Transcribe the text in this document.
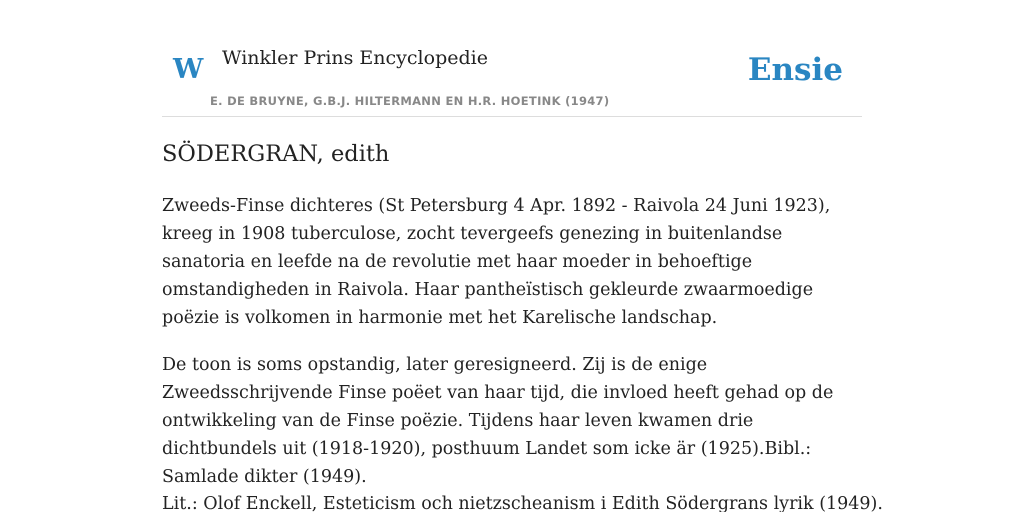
W Winkler Prins Encyclopedie
E. DE BRUYNE, G.B.J. HILTERMANN EN H.R. HOETINK (1947)
Ensie
SÖDERGRAN, edith

Zweeds-Finse dichteres (St Petersburg 4 Apr. 1892 - Raivola 24 Juni 1923), kreeg in 1908 tuberculose, zocht tevergeefs genezing in buitenlandse sanatoria en leefde na de revolutie met haar moeder in behoeftige omstandigheden in Raivola. Haar pantheïstisch gekleurde zwaarmoedige poëzie is volkomen in harmonie met het Karelische landschap.

De toon is soms opstandig, later geresigneerd. Zij is de enige Zweedsschrijvende Finse poëet van haar tijd, die invloed heeft gehad op de ontwikkeling van de Finse poëzie. Tijdens haar leven kwamen drie dichtbundels uit (1918-1920), posthuum Landet som icke är (1925).Bibl.: Samlade dikter (1949).

Lit.: Olof Enckell, Esteticism och nietzscheanism i Edith Södergrans lyrik (1949).
